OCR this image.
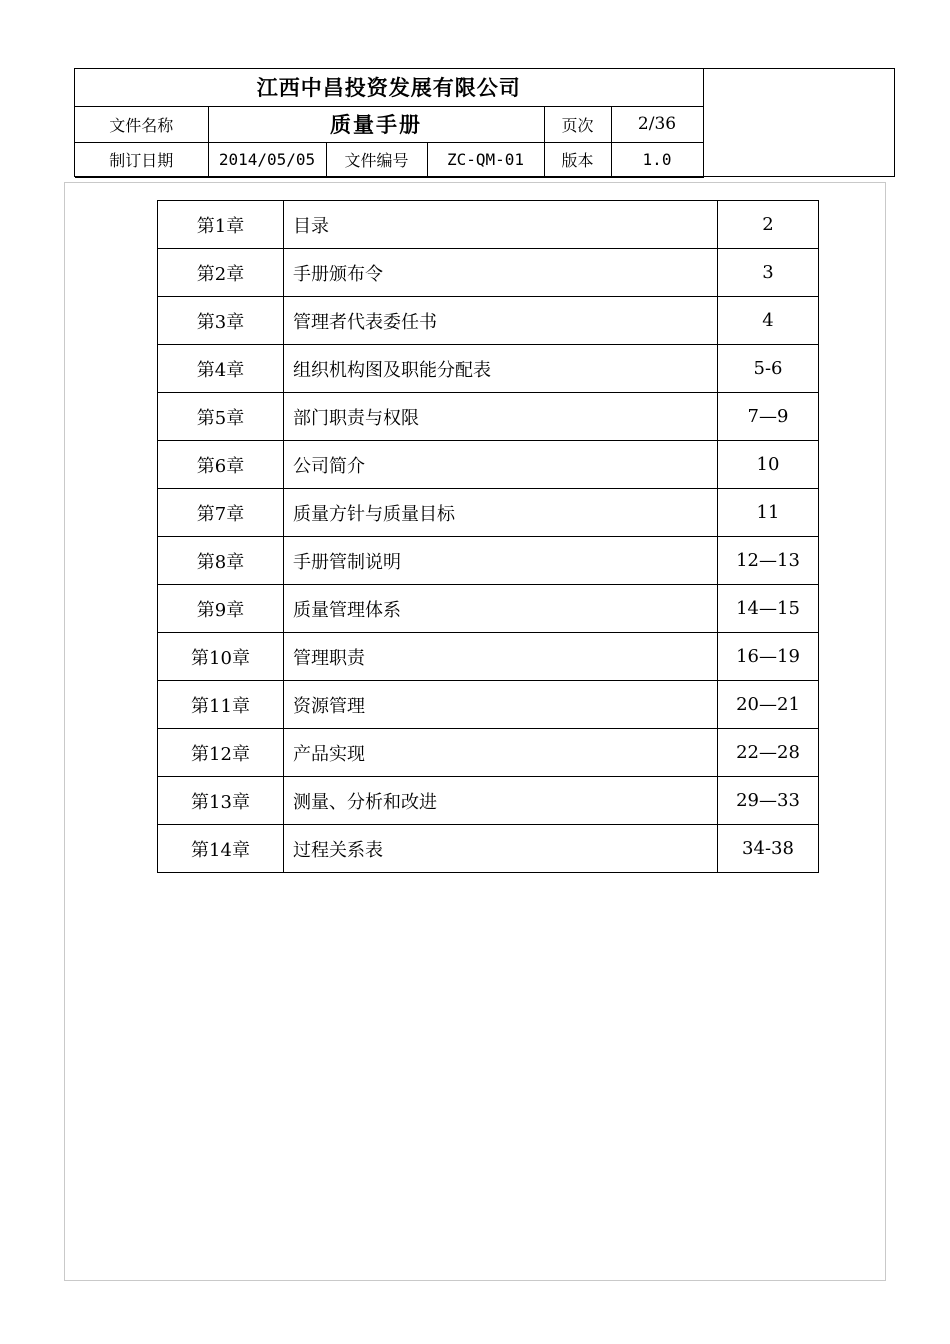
江西中昌投资发展有限公司					
文件名称	质量手册			页次	2/36
制订日期	2014/05/05	文件编号	ZC-QM-01	版本	1.0
第1章	目录	2
第2章	手册颁布令	3
第3章	管理者代表委任书	4
第4章	组织机构图及职能分配表	5-6
第5章	部门职责与权限	7—9
第6章	公司简介	10
第7章	质量方针与质量目标	11
第8章	手册管制说明	12—13
第9章	质量管理体系	14—15
第10章	管理职责	16—19
第11章	资源管理	20—21
第12章	产品实现	22—28
第13章	测量、分析和改进	29—33
第14章	过程关系表	34-38
